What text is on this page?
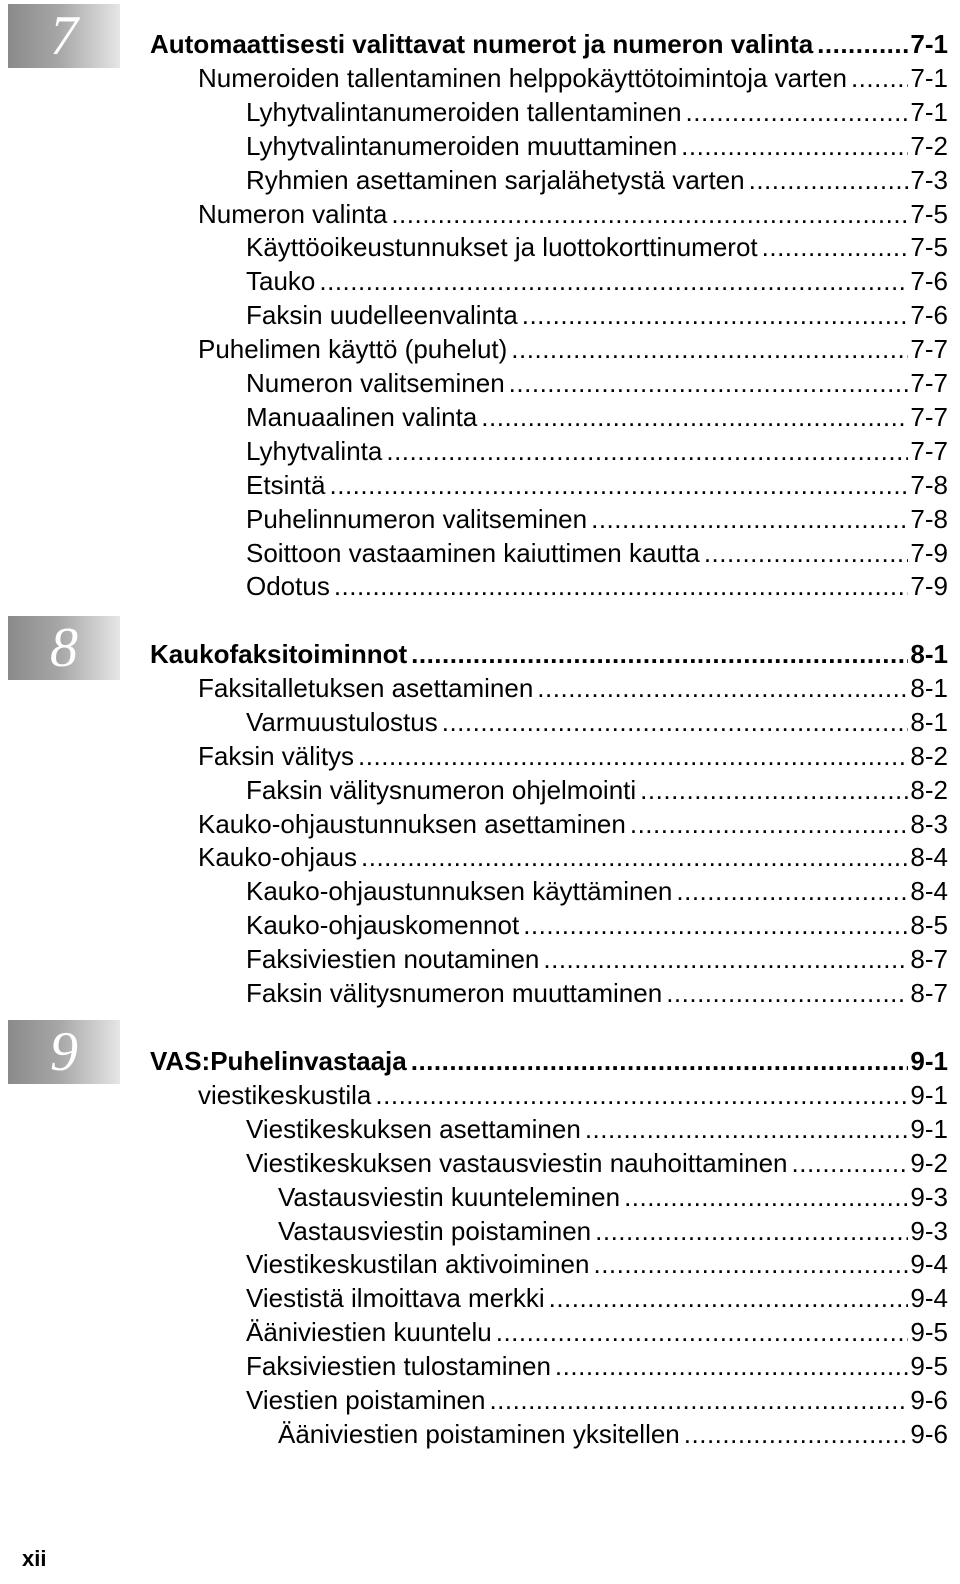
7	Automaattisesti valittavat numerot ja numeron valinta .....	7-1
Numeroiden tallentaminen helppokäyttötoimintoja varten ..... 7-1
Lyhytvalintanumeroiden tallentaminen .....	7-1
Lyhytvalintanumeroiden muuttaminen .....	7-2
Ryhmien asettaminen sarjalähetystä varten .....	7-3
Numeron valinta .....	7-5
Käyttöoikeustunnukset ja luottokorttinumerot .....	7-5
Tauko .....	7-6
Faksin uudelleenvalinta .....	7-6
Puhelimen käyttö (puhelut) .....	7-7
Numeron valitseminen .....	7-7
Manuaalinen valinta .....	7-7
Lyhytvalinta .....	7-7
Etsintä .....	7-8
Puhelinnumeron valitseminen .....	7-8
Soittoon vastaaminen kaiuttimen kautta .....	7-9
Odotus .....	7-9
8	Kaukofaksitoiminnot .....	8-1
Faksitalletuksen asettaminen .....	8-1
Varmuustulostus .....	8-1
Faksin välitys .....	8-2
Faksin välitysnumeron ohjelmointi .....	8-2
Kauko-ohjaustunnuksen asettaminen .....	8-3
Kauko-ohjaus .....	8-4
Kauko-ohjaustunnuksen käyttäminen .....	8-4
Kauko-ohjauskomennot .....	8-5
Faksiviestien noutaminen .....	8-7
Faksin välitysnumeron muuttaminen .....	8-7
9	VAS:Puhelinvastaaja .....	9-1
viestikeskustila .....	9-1
Viestikeskuksen asettaminen .....	9-1
Viestikeskuksen vastausviestin nauhoittaminen .....	9-2
Vastausviestin kuunteleminen .....	9-3
Vastausviestin poistaminen .....	9-3
Viestikeskustilan aktivoiminen .....	9-4
Viestistä ilmoittava merkki .....	9-4
Ääniviestien kuuntelu .....	9-5
Faksiviestien tulostaminen .....	9-5
Viestien poistaminen .....	9-6
Ääniviestien poistaminen yksitellen .....	9-6
xii
